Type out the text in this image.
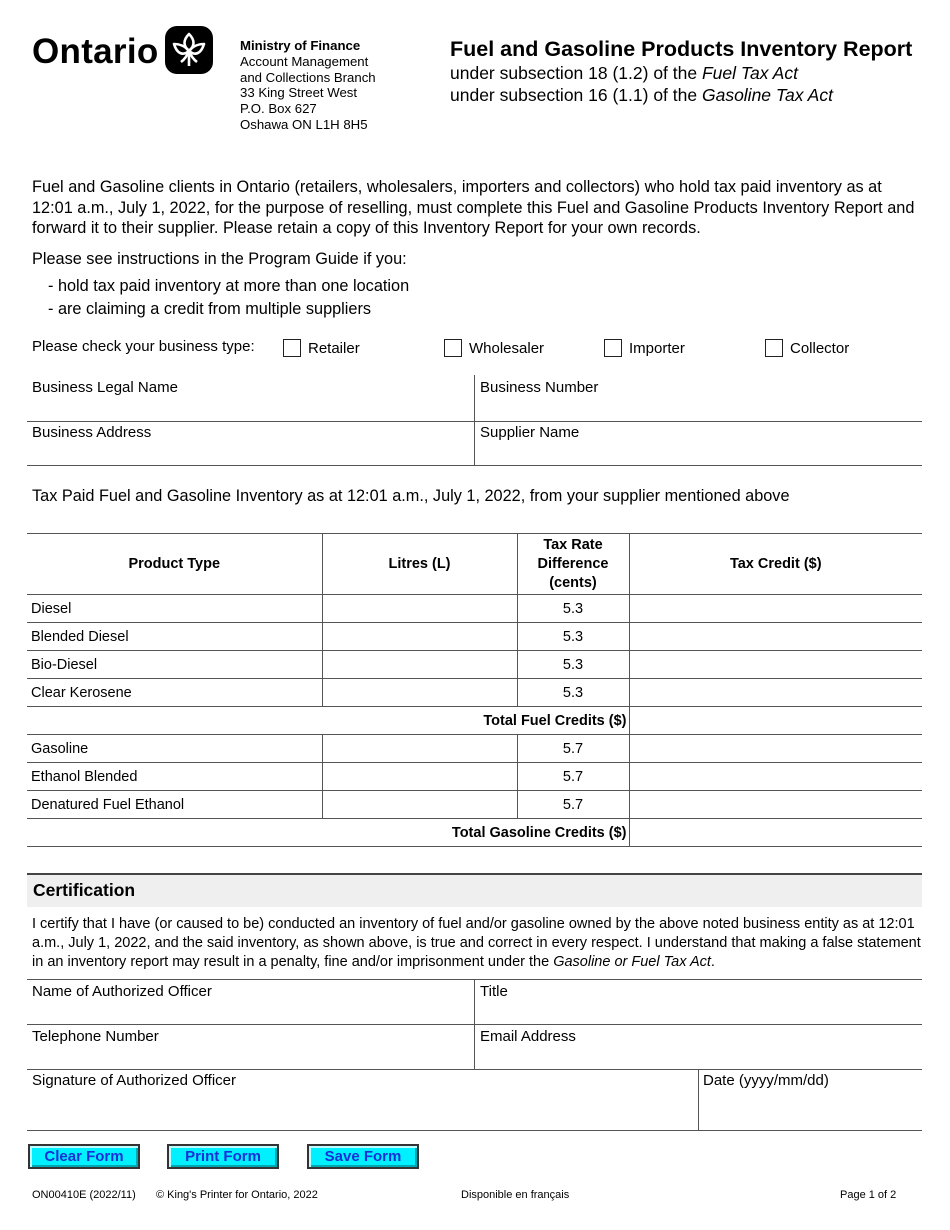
Ontario	Ministry of Finance
Account Management
and Collections Branch
33 King Street West
P.O. Box 627
Oshawa ON L1H 8H5
Fuel and Gasoline Products Inventory Report
under subsection 18 (1.2) of the Fuel Tax Act
under subsection 16 (1.1) of the Gasoline Tax Act
Fuel and Gasoline clients in Ontario (retailers, wholesalers, importers and collectors) who hold tax paid inventory as at 12:01 a.m., July 1, 2022, for the purpose of reselling, must complete this Fuel and Gasoline Products Inventory Report and forward it to their supplier. Please retain a copy of this Inventory Report for your own records.
Please see instructions in the Program Guide if you:
- hold tax paid inventory at more than one location
- are claiming a credit from multiple suppliers
Please check your business type:	Retailer	Wholesaler	Importer	Collector
Business Legal Name	Business Number
Business Address	Supplier Name
Tax Paid Fuel and Gasoline Inventory as at 12:01 a.m., July 1, 2022, from your supplier mentioned above
Product Type	Litres (L)	Tax Rate
Difference
(cents)	Tax Credit ($)
Diesel		5.3	
Blended Diesel		5.3	
Bio-Diesel		5.3	
Clear Kerosene		5.3	
Total Fuel Credits ($)			
Gasoline		5.7	
Ethanol Blended		5.7	
Denatured Fuel Ethanol		5.7	
Total Gasoline Credits ($)			
Certification
I certify that I have (or caused to be) conducted an inventory of fuel and/or gasoline owned by the above noted business entity as at 12:01 a.m., July 1, 2022, and the said inventory, as shown above, is true and correct in every respect. I understand that making a false statement in an inventory report may result in a penalty, fine and/or imprisonment under the Gasoline or Fuel Tax Act.
Name of Authorized Officer	Title
Telephone Number	Email Address
Signature of Authorized Officer	Date (yyyy/mm/dd)
Clear Form	Print Form	Save Form
ON00410E (2022/11) © King's Printer for Ontario, 2022	Disponible en français	Page 1 of 2
